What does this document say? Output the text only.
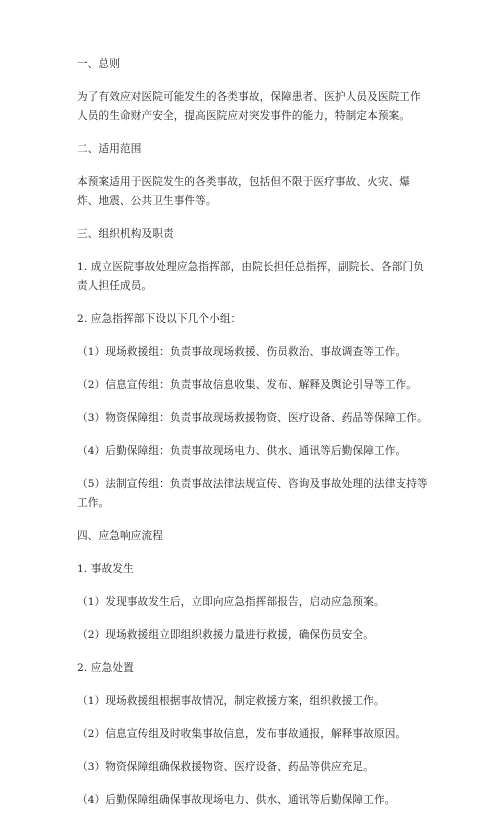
一、总则

为了有效应对医院可能发生的各类事故，保障患者、医护人员及医院工作人员的生命财产安全，提高医院应对突发事件的能力，特制定本预案。

二、适用范围

本预案适用于医院发生的各类事故，包括但不限于医疗事故、火灾、爆炸、地震、公共卫生事件等。

三、组织机构及职责

1. 成立医院事故处理应急指挥部，由院长担任总指挥，副院长、各部门负责人担任成员。

2. 应急指挥部下设以下几个小组：

（1）现场救援组：负责事故现场救援、伤员救治、事故调查等工作。

（2）信息宣传组：负责事故信息收集、发布、解释及舆论引导等工作。

（3）物资保障组：负责事故现场救援物资、医疗设备、药品等保障工作。

（4）后勤保障组：负责事故现场电力、供水、通讯等后勤保障工作。

（5）法制宣传组：负责事故法律法规宣传、咨询及事故处理的法律支持等工作。

四、应急响应流程

1. 事故发生

（1）发现事故发生后，立即向应急指挥部报告，启动应急预案。

（2）现场救援组立即组织救援力量进行救援，确保伤员安全。

2. 应急处置

（1）现场救援组根据事故情况，制定救援方案，组织救援工作。

（2）信息宣传组及时收集事故信息，发布事故通报，解释事故原因。

（3）物资保障组确保救援物资、医疗设备、药品等供应充足。

（4）后勤保障组确保事故现场电力、供水、通讯等后勤保障工作。
